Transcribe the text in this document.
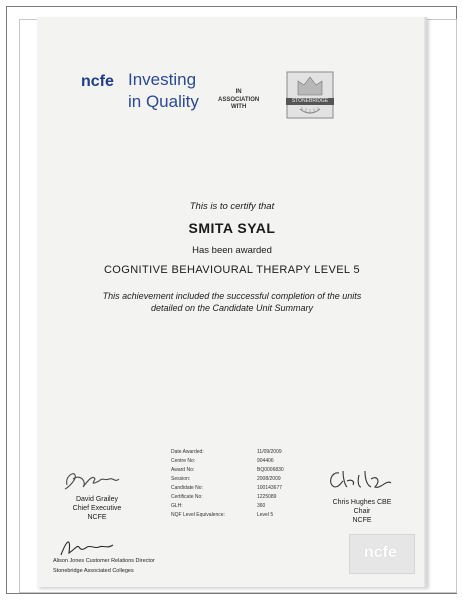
ncfe Investing
in Quality	IN
ASSOCIATION
WITH
STONEBRIDGE
This is to certify that
SMITA SYAL
Has been awarded
COGNITIVE BEHAVIOURAL THERAPY LEVEL 5
This achievement included the successful completion of the units
detailed on the Candidate Unit Summary
Date Awarded:	11/09/2009
Centre No:	904406
Award No:	BQ0006830
Session:	2008/2009
Candidate No:	100143677
Certificate No:	1225089
GLH:	360
NQF Level Equivalence:	Level 5
David Grailey
Chief Executive
NCFE
Chris Hughes CBE
Chair
NCFE
Alison Jones Customer Relations Director
Stonebridge Associated Colleges
ncfe
